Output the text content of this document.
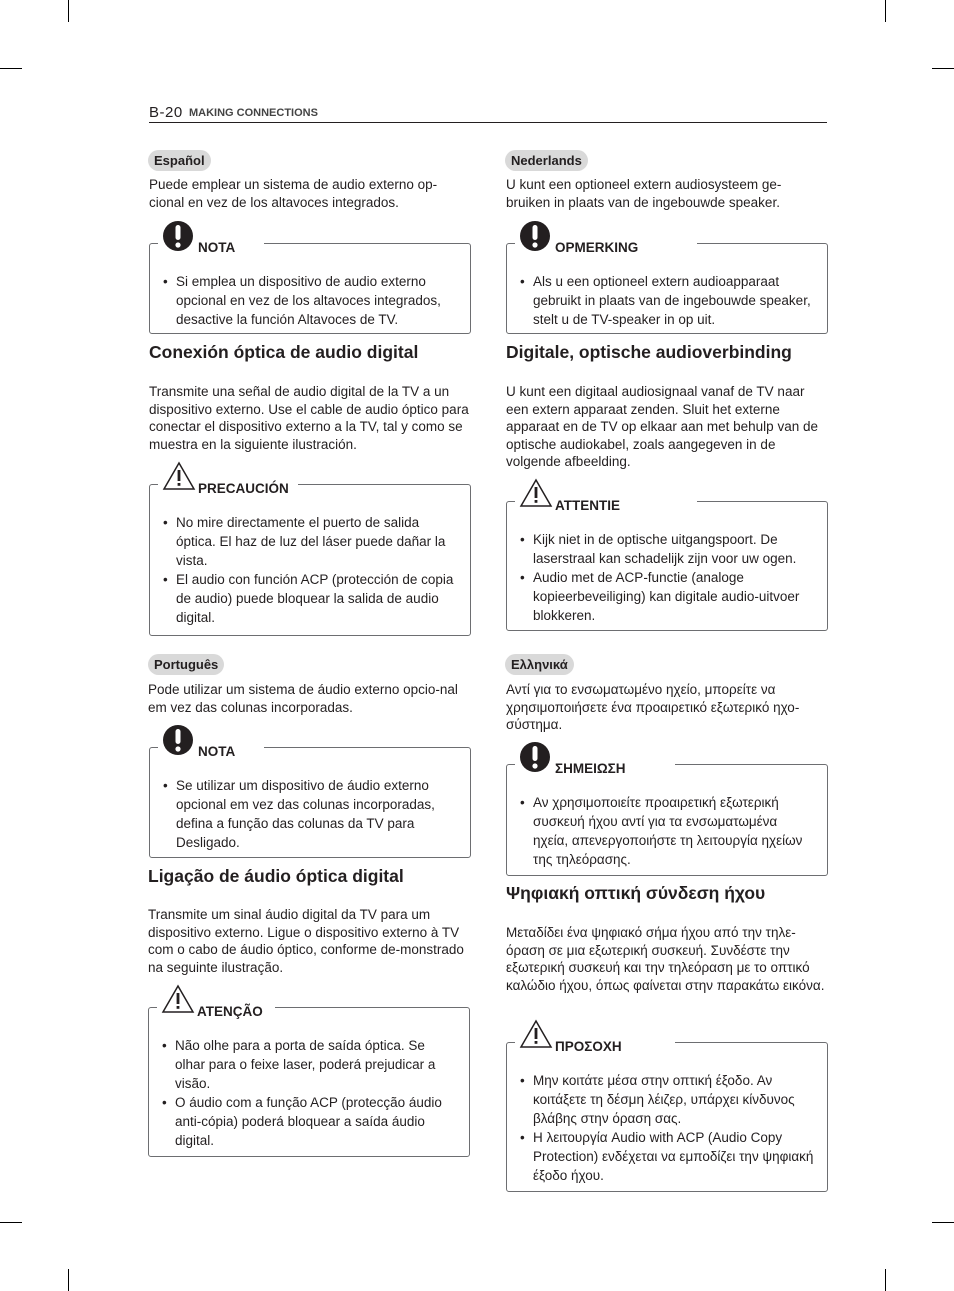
B-20 MAKING CONNECTIONS
Español

Puede emplear un sistema de audio externo op-cional en vez de los altavoces integrados.

NOTA
• Si emplea un dispositivo de audio externo opcional en vez de los altavoces integrados, desactive la función Altavoces de TV.
Conexión óptica de audio digital

Transmite una señal de audio digital de la TV a un dispositivo externo. Use el cable de audio óptico para conectar el dispositivo externo a la TV, tal y como se muestra en la siguiente ilustración.

PRECAUCIÓN
• No mire directamente el puerto de salida óptica. El haz de luz del láser puede dañar la vista.
• El audio con función ACP (protección de copia de audio) puede bloquear la salida de audio digital.
Português

Pode utilizar um sistema de áudio externo opcio-nal em vez das colunas incorporadas.

NOTA
• Se utilizar um dispositivo de áudio externo opcional em vez das colunas incorporadas, defina a função das colunas da TV para Desligado.
Ligação de áudio óptica digital

Transmite um sinal áudio digital da TV para um dispositivo externo. Ligue o dispositivo externo à TV com o cabo de áudio óptico, conforme de-monstrado na seguinte ilustração.

ATENÇÃO
• Não olhe para a porta de saída óptica. Se olhar para o feixe laser, poderá prejudicar a visão.
• O áudio com a função ACP (protecção áudio anti-cópia) poderá bloquear a saída áudio digital.
Nederlands

U kunt een optioneel extern audiosysteem ge-bruiken in plaats van de ingebouwde speaker.

OPMERKING
• Als u een optioneel extern audioapparaat gebruikt in plaats van de ingebouwde speaker, stelt u de TV-speaker in op uit.
Digitale, optische audioverbinding

U kunt een digitaal audiosignaal vanaf de TV naar een extern apparaat zenden. Sluit het externe apparaat en de TV op elkaar aan met behulp van de optische audiokabel, zoals aangegeven in de volgende afbeelding.

ATTENTIE
• Kijk niet in de optische uitgangspoort. De laserstraal kan schadelijk zijn voor uw ogen.
• Audio met de ACP-functie (analoge kopieerbeveiliging) kan digitale audio-uitvoer blokkeren.
Ελληνικά

Αντί για το ενσωματωμένο ηχείο, μπορείτε να χρησιμοποιήσετε ένα προαιρετικό εξωτερικό ηχο-σύστημα.

ΣΗΜΕΙΩΣΗ
• Αν χρησιμοποιείτε προαιρετική εξωτερική συσκευή ήχου αντί για τα ενσωματωμένα ηχεία, απενεργοποιήστε τη λειτουργία ηχείων της τηλεόρασης.
Ψηφιακή οπτική σύνδεση ήχου

Μεταδίδει ένα ψηφιακό σήμα ήχου από την τηλε-όραση σε μια εξωτερική συσκευή. Συνδέστε την εξωτερική συσκευή και την τηλεόραση με το οπτικό καλώδιο ήχου, όπως φαίνεται στην παρακάτω εικόνα.

ΠΡΟΣΟΧΗ
• Μην κοιτάτε μέσα στην οπτική έξοδο. Αν κοιτάξετε τη δέσμη λέιζερ, υπάρχει κίνδυνος βλάβης στην όραση σας.
• Η λειτουργία Audio with ACP (Audio Copy Protection) ενδέχεται να εμποδίζει την ψηφιακή έξοδο ήχου.
